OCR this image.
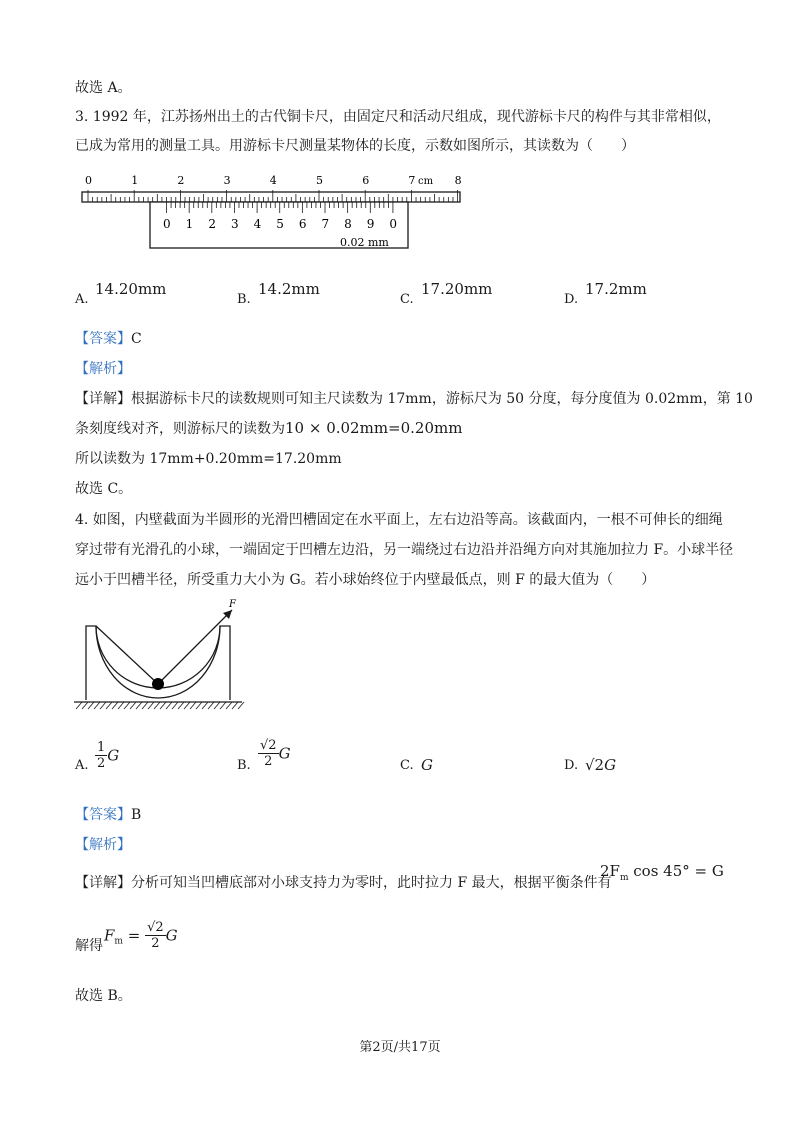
故选 A。
3. 1992 年，江苏扬州出土的古代铜卡尺，由固定尺和活动尺组成，现代游标卡尺的构件与其非常相似，
已成为常用的测量工具。用游标卡尺测量某物体的长度，示数如图所示，其读数为（　　）
0	1	2	3	4	5	6	7	8
cm
0 1 2 3 4 5 6 7 8 9 0
0.02 mm
A.
14.20mm
B.
14.2mm
C.
17.20mm
D.
17.2mm
【答案】C
【解析】
【详解】根据游标卡尺的读数规则可知主尺读数为 17mm，游标尺为 50 分度，每分度值为 0.02mm，第 10
条刻度线对齐，则游标尺的读数为10 × 0.02mm=0.20mm
所以读数为 17mm+0.20mm=17.20mm
故选 C。
4. 如图，内壁截面为半圆形的光滑凹槽固定在水平面上，左右边沿等高。该截面内，一根不可伸长的细绳
穿过带有光滑孔的小球，一端固定于凹槽左边沿，另一端绕过右边沿并沿绳方向对其施加拉力 F。小球半径
远小于凹槽半径，所受重力大小为 G。若小球始终位于内壁最低点，则 F 的最大值为（　　）
F
A. $\frac{1}{2}$ G
B. $\frac{√2}{2}$ G
C. G	D. √2G
【答案】B
【解析】
【详解】分析可知当凹槽底部对小球支持力为零时，此时拉力 F 最大，根据平衡条件有
$2F_m$ cos 45° = G
解得
$F_m = \frac{√2}{2}$ G
故选 B。
第2页/共17页
